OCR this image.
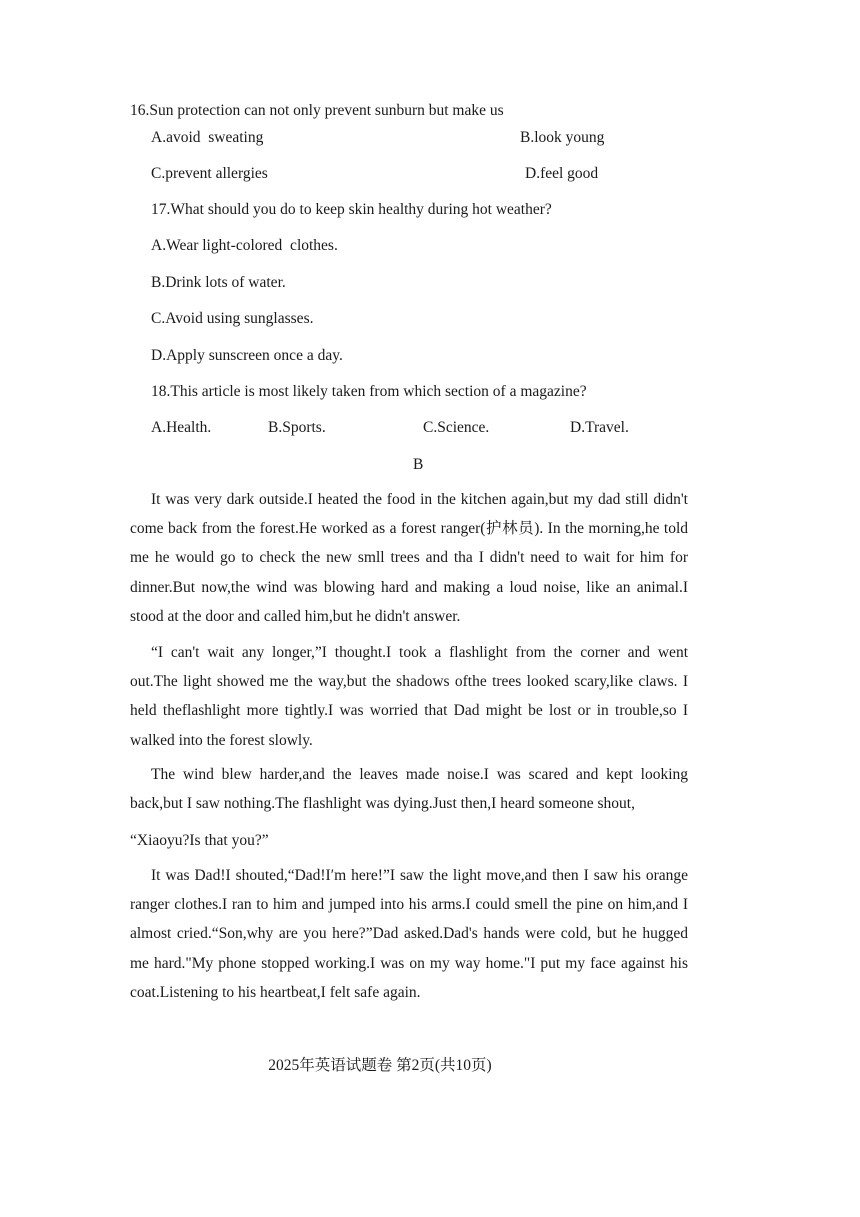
16.Sun protection can not only prevent sunburn but make us
A.avoid  sweating	B.look young
C.prevent allergies	D.feel good
17.What should you do to keep skin healthy during hot weather?
A.Wear light-colored  clothes.
B.Drink lots of water.
C.Avoid using sunglasses.
D.Apply sunscreen once a day.
18.This article is most likely taken from which section of a magazine?
A.Health.	B.Sports.	C.Science.	D.Travel.
B

It was very dark outside.I heated the food in the kitchen again,but my dad still didn't come back from the forest.He worked as a forest ranger(护林员). In the morning,he told me he would go to check the new smll trees and tha I didn't need to wait for him for dinner.But now,the wind was blowing hard and making a loud noise, like an animal.I stood at the door and called him,but he didn't answer.

“I can't wait any longer,”I thought.I took a flashlight from the corner and went out.The light showed me the way,but the shadows ofthe trees looked scary,like claws. I held theflashlight more tightly.I was worried that Dad might be lost or in trouble,so I walked into the forest slowly.

The wind blew harder,and the leaves made noise.I was scared and kept looking back,but I saw nothing.The flashlight was dying.Just then,I heard someone shout,

“Xiaoyu?Is that you?”

It was Dad!I shouted,“Dad!I′m here!”I saw the light move,and then I saw his orange ranger clothes.I ran to him and jumped into his arms.I could smell the pine on him,and I almost cried.“Son,why are you here?”Dad asked.Dad's hands were cold, but he hugged me hard."My phone stopped working.I was on my way home."I put my face against his coat.Listening to his heartbeat,I felt safe again.

2025年英语试题卷 第2页(共10页)
